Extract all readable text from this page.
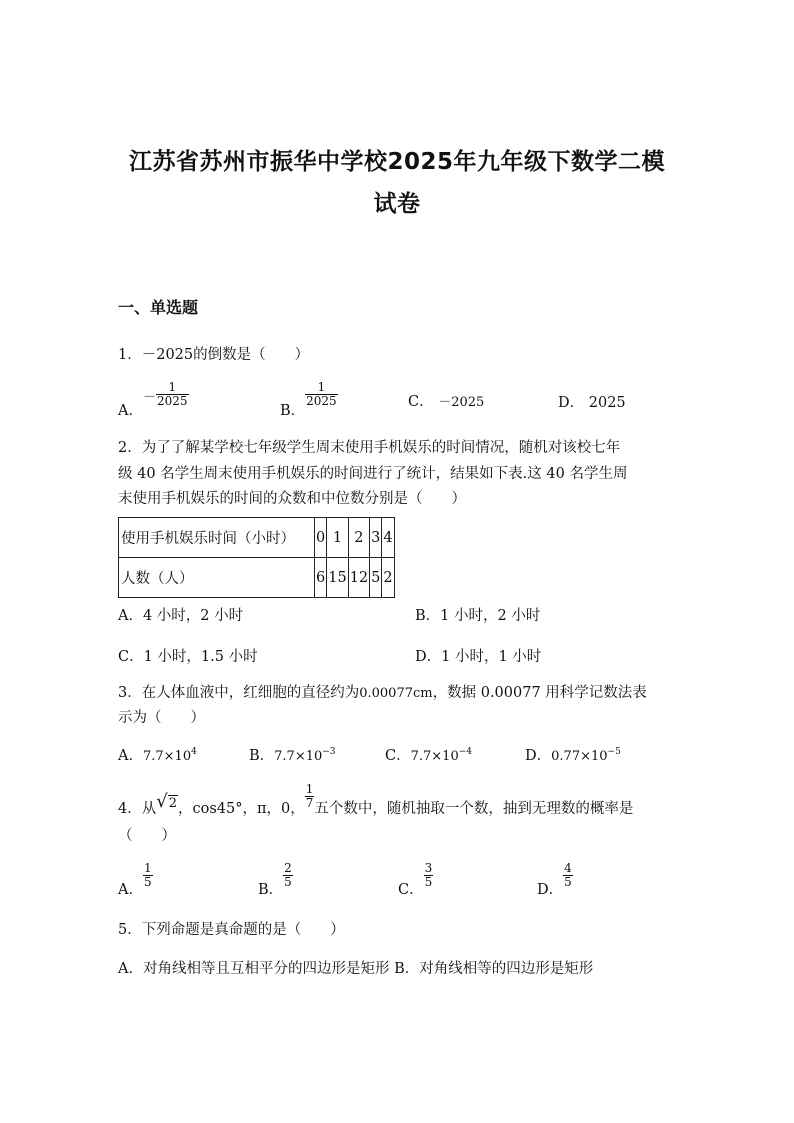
江苏省苏州市振华中学校2025年九年级下数学二模
试卷
一、单选题
1．－2025的倒数是（　　）
A．－ $\frac{1}{2025}$
B．
$\frac{1}{2025}$	C． －2025	D． 2025
2．为了了解某学校七年级学生周末使用手机娱乐的时间情况，随机对该校七年
级 40 名学生周末使用手机娱乐的时间进行了统计，结果如下表.这 40 名学生周
末使用手机娱乐的时间的众数和中位数分别是（　　）
使用手机娱乐时间（小时）	0	1	2	3	4
人数（人）	6	15	12	5	2
A．4 小时，2 小时	B．1 小时，2 小时
C．1 小时，1.5 小时	D．1 小时，1 小时
3．在人体血液中，红细胞的直径约为0.00077cm，数据 0.00077 用科学记数法表
示为（　　）
A．$7.7\times 10^4$	B．$7.7\times 10^{-3}$	C．$7.7\times 10^{-4}$	D．$0.77\times 10^{-5}$
4．从√2，cos45°，π，0， $\frac{1}{7}$ 五个数中，随机抽取一个数，抽到无理数的概率是
（　　）
A．
$\frac{1}{5}$
B．
$\frac{2}{5}$
C．
$\frac{3}{5}$
D．
$\frac{4}{5}$
5．下列命题是真命题的是（　　）
A．对角线相等且互相平分的四边形是矩形 B．对角线相等的四边形是矩形
